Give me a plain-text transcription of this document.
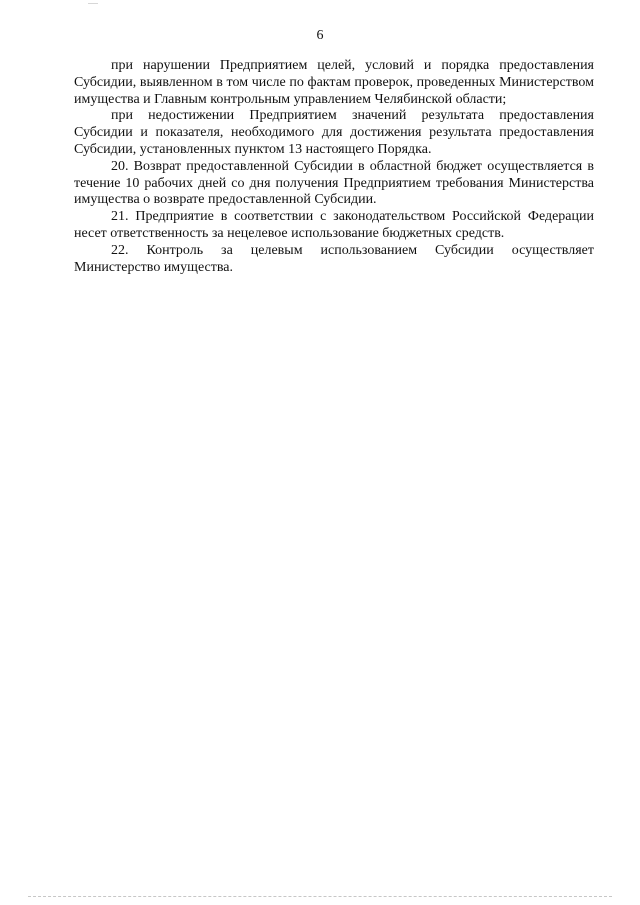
6

при нарушении Предприятием целей, условий и порядка предоставления Субсидии, выявленном в том числе по фактам проверок, проведенных Министерством имущества и Главным контрольным управлением Челябинской области;

при недостижении Предприятием значений результата предоставления Субсидии и показателя, необходимого для достижения результата предоставления Субсидии, установленных пунктом 13 настоящего Порядка.

20. Возврат предоставленной Субсидии в областной бюджет осуществляется в течение 10 рабочих дней со дня получения Предприятием требования Министерства имущества о возврате предоставленной Субсидии.

21. Предприятие в соответствии с законодательством Российской Федерации несет ответственность за нецелевое использование бюджетных средств.

22. Контроль за целевым использованием Субсидии осуществляет Министерство имущества.
